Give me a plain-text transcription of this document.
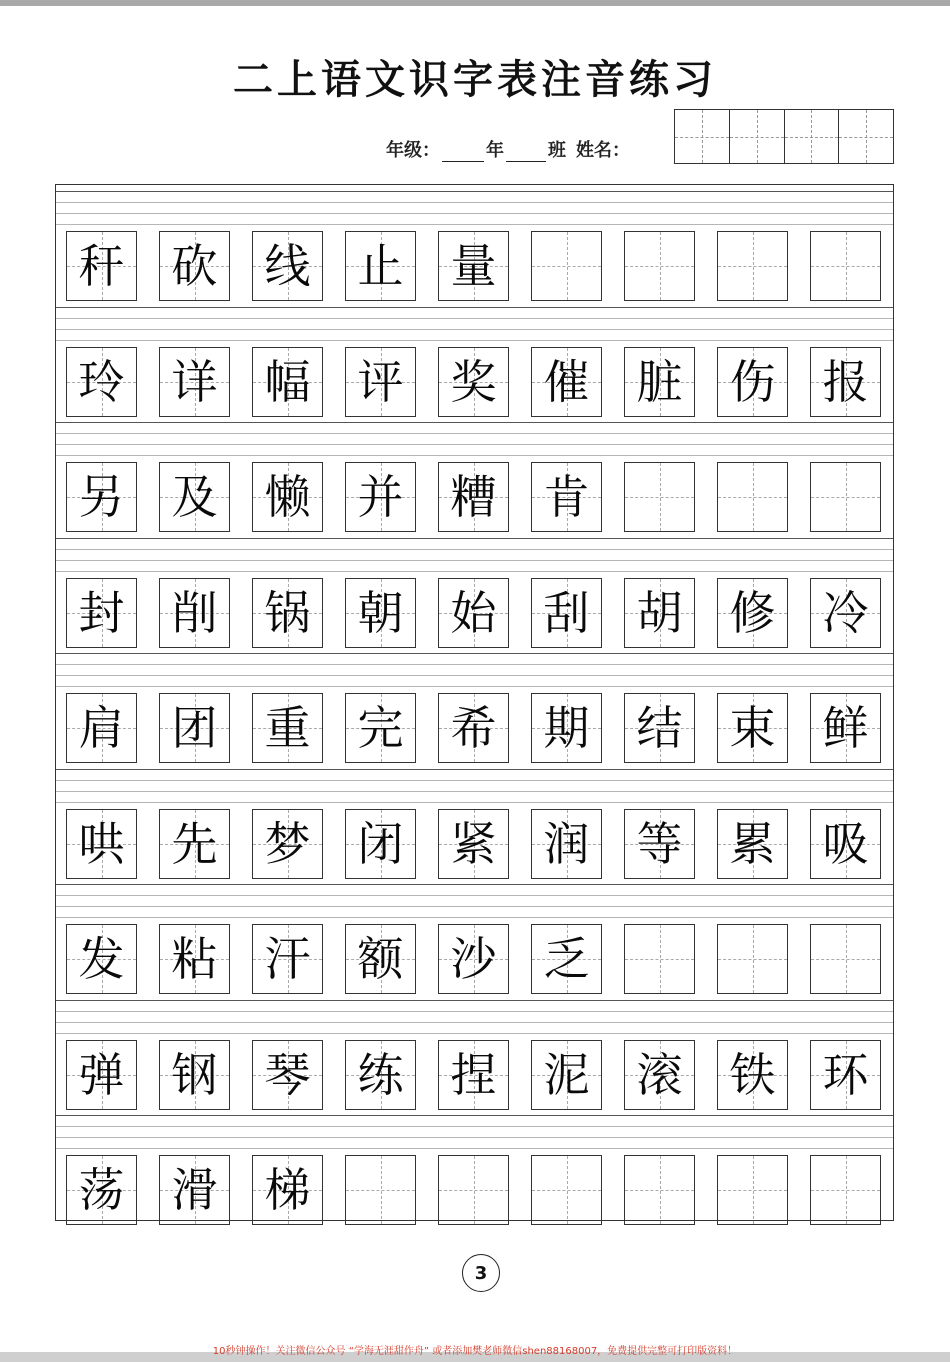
二上语文识字表注音练习
年级：	年 班 姓名：
秆 砍 线 止 量
玲 详 幅 评 奖 催 脏 伤 报
另 及 懒 并 糟 肯
封 削 锅 朝 始 刮 胡 修 冷
肩 团 重 完 希 期 结 束 鲜
哄 先 梦 闭 紧 润 等 累 吸
发 粘 汗 额 沙 乏
弹 钢 琴 练 捏 泥 滚 铁 环
荡 滑 梯
3
10秒钟操作！关注微信公众号 “学海无涯甜作舟” 或者添加樊老师微信shen88168007，免费提供完整可打印版资料！
